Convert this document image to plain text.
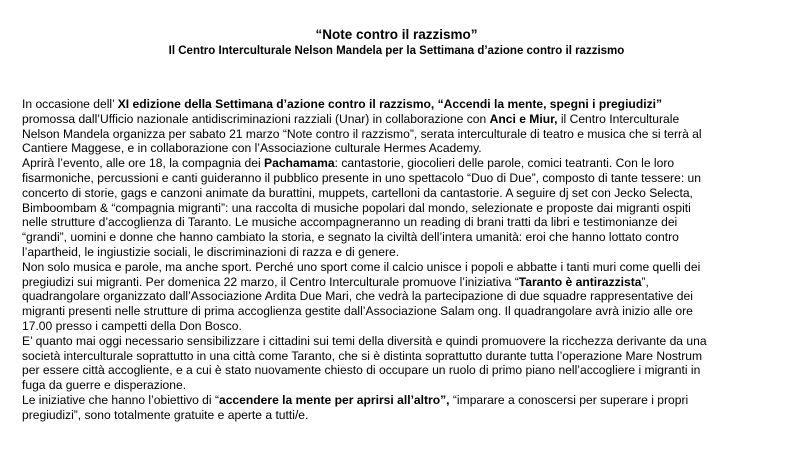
“Note contro il razzismo”
Il Centro Interculturale Nelson Mandela per la Settimana d’azione contro il razzismo
In occasione dell’ XI edizione della Settimana d’azione contro il razzismo, “Accendi la mente, spegni i pregiudizi”
promossa dall’Ufficio nazionale antidiscriminazioni razziali (Unar) in collaborazione con Anci e Miur, il Centro Interculturale
Nelson Mandela organizza per sabato 21 marzo “Note contro il razzismo”, serata interculturale di teatro e musica che si terrà al
Cantiere Maggese, e in collaborazione con l’Associazione culturale Hermes Academy.
Aprirà l’evento, alle ore 18, la compagnia dei Pachamama: cantastorie, giocolieri delle parole, comici teatranti. Con le loro
fisarmoniche, percussioni e canti guideranno il pubblico presente in uno spettacolo “Duo di Due”, composto di tante tessere: un
concerto di storie, gags e canzoni animate da burattini, muppets, cartelloni da cantastorie. A seguire dj set con Jecko Selecta,
Bimboombam & “compagnia migranti”: una raccolta di musiche popolari dal mondo, selezionate e proposte dai migranti ospiti
nelle strutture d’accoglienza di Taranto. Le musiche accompagneranno un reading di brani tratti da libri e testimonianze dei
“grandi”, uomini e donne che hanno cambiato la storia, e segnato la civiltà dell’intera umanità: eroi che hanno lottato contro
l’apartheid, le ingiustizie sociali, le discriminazioni di razza e di genere.
Non solo musica e parole, ma anche sport. Perché uno sport come il calcio unisce i popoli e abbatte i tanti muri come quelli dei
pregiudizi sui migranti. Per domenica 22 marzo, il Centro Interculturale promuove l’iniziativa “Taranto è antirazzista”,
quadrangolare organizzato dall’Associazione Ardita Due Mari, che vedrà la partecipazione di due squadre rappresentative dei
migranti presenti nelle strutture di prima accoglienza gestite dall’Associazione Salam ong. Il quadrangolare avrà inizio alle ore
17.00 presso i campetti della Don Bosco.
E’ quanto mai oggi necessario sensibilizzare i cittadini sui temi della diversità e quindi promuovere la ricchezza derivante da una
società interculturale soprattutto in una città come Taranto, che si è distinta soprattutto durante tutta l’operazione Mare Nostrum
per essere città accogliente, e a cui è stato nuovamente chiesto di occupare un ruolo di primo piano nell’accogliere i migranti in
fuga da guerre e disperazione.
Le iniziative che hanno l’obiettivo di “accendere la mente per aprirsi all’altro”, “imparare a conoscersi per superare i propri
pregiudizi”, sono totalmente gratuite e aperte a tutti/e.
